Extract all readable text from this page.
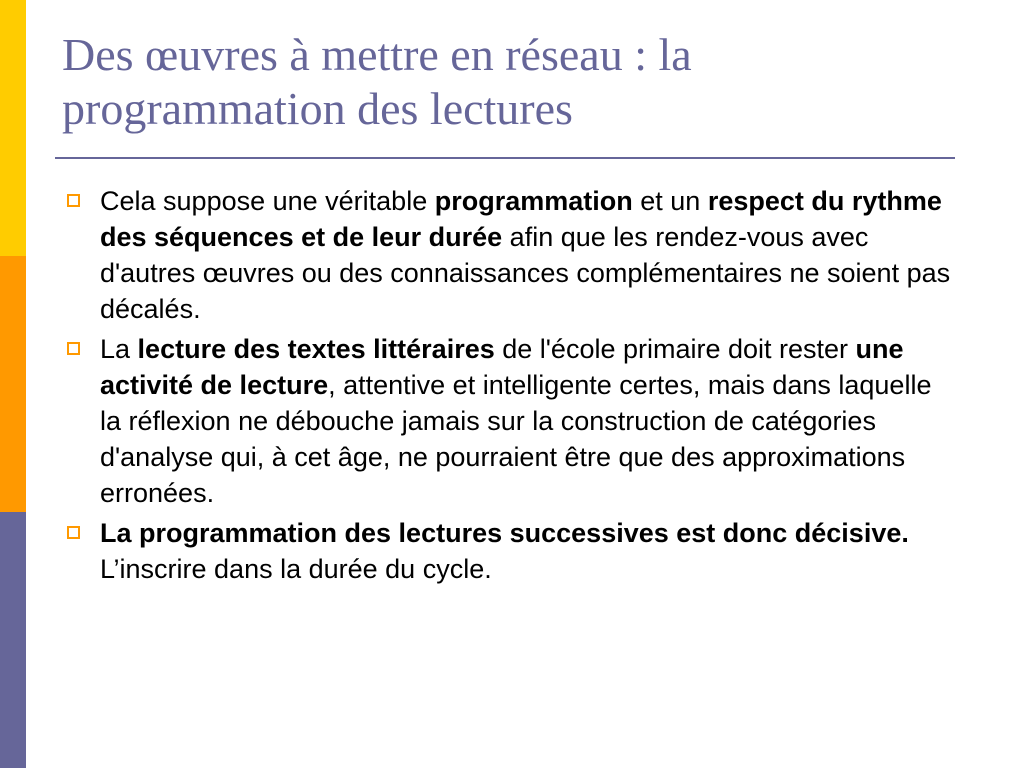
Des œuvres à mettre en réseau : la programmation des lectures
Cela suppose une véritable programmation et un respect du rythme des séquences et de leur durée afin que les rendez-vous avec d'autres œuvres ou des connaissances complémentaires ne soient pas décalés.
La lecture des textes littéraires de l'école primaire doit rester une activité de lecture, attentive et intelligente certes, mais dans laquelle la réflexion ne débouche jamais sur la construction de catégories d'analyse qui, à cet âge, ne pourraient être que des approximations erronées.
La programmation des lectures successives est donc décisive. L’inscrire dans la durée du cycle.
